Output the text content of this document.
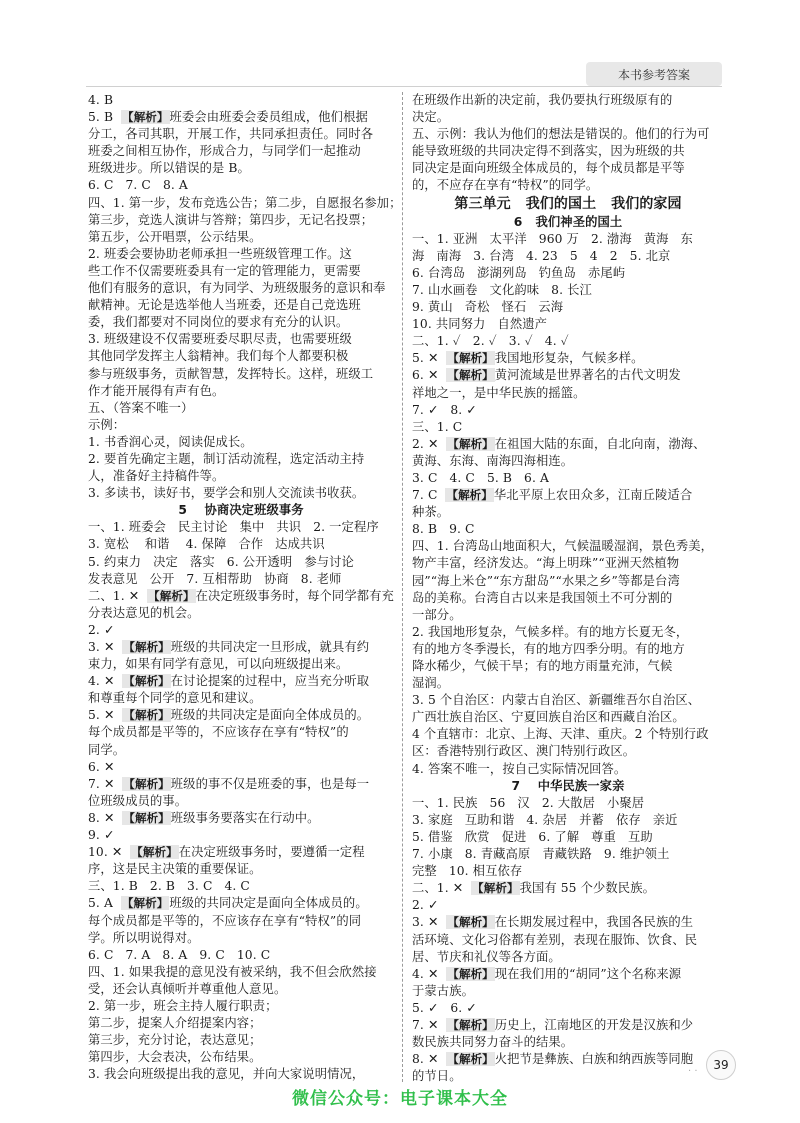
本书参考答案
4. B
5. B  【解析】班委会由班委会委员组成，他们根据
分工，各司其职，开展工作，共同承担责任。同时各
班委之间相互协作，形成合力，与同学们一起推动
班级进步。所以错误的是 B。
6. C   7. C   8. A
四、1. 第一步，发布竞选公告；第二步，自愿报名参加；
第三步，竞选人演讲与答辩；第四步，无记名投票；
第五步，公开唱票，公示结果。
2. 班委会要协助老师承担一些班级管理工作。这
些工作不仅需要班委具有一定的管理能力，更需要
他们有服务的意识，有为同学、为班级服务的意识和奉
献精神。无论是选举他人当班委，还是自己竞选班
委，我们都要对不同岗位的要求有充分的认识。
3. 班级建设不仅需要班委尽职尽责，也需要班级
其他同学发挥主人翁精神。我们每个人都要积极
参与班级事务，贡献智慧，发挥特长。这样，班级工
作才能开展得有声有色。
五、（答案不唯一）
示例：
1. 书香润心灵，阅读促成长。
2. 要首先确定主题，制订活动流程，选定活动主持
人，准备好主持稿件等。
3. 多读书，读好书，要学会和别人交流读书收获。
5    协商决定班级事务
一、1. 班委会   民主讨论   集中   共识   2. 一定程序
3. 宽松    和谐    4. 保障   合作   达成共识
5. 约束力   决定   落实   6. 公开透明   参与讨论
发表意见   公开   7. 互相帮助   协商   8. 老师
二、1. ✕  【解析】在决定班级事务时，每个同学都有充
分表达意见的机会。
2. ✓
3. ✕  【解析】班级的共同决定一旦形成，就具有约
束力，如果有同学有意见，可以向班级提出来。
4. ✕  【解析】在讨论提案的过程中，应当充分听取
和尊重每个同学的意见和建议。
5. ✕  【解析】班级的共同决定是面向全体成员的。
每个成员都是平等的，不应该存在享有“特权”的
同学。
6. ✕
7. ✕  【解析】班级的事不仅是班委的事，也是每一
位班级成员的事。
8. ✕  【解析】班级事务要落实在行动中。
9. ✓
10. ✕  【解析】在决定班级事务时，要遵循一定程
序，这是民主决策的重要保证。
三、1. B   2. B   3. C   4. C
5. A  【解析】班级的共同决定是面向全体成员的。
每个成员都是平等的，不应该存在享有“特权”的同
学。所以明说得对。
6. C   7. A   8. A   9. C   10. C
四、1. 如果我提的意见没有被采纳，我不但会欣然接
受，还会认真倾听并尊重他人意见。
2. 第一步，班会主持人履行职责；
第二步，提案人介绍提案内容；
第三步，充分讨论，表达意见；
第四步，大会表决，公布结果。
3. 我会向班级提出我的意见，并向大家说明情况，
在班级作出新的决定前，我仍要执行班级原有的
决定。
五、示例：我认为他们的想法是错误的。他们的行为可
能导致班级的共同决定得不到落实，因为班级的共
同决定是面向班级全体成员的，每个成员都是平等
的，不应存在享有“特权”的同学。
第三单元   我们的国土   我们的家园
6   我们神圣的国土
一、1. 亚洲   太平洋   960 万   2. 渤海   黄海   东
海   南海   3. 台湾   4. 23   5   4   2   5. 北京
6. 台湾岛   澎湖列岛   钓鱼岛   赤尾屿
7. 山水画卷   文化韵味   8. 长江
9. 黄山   奇松   怪石   云海
10. 共同努力   自然遗产
二、1. ✓   2. ✓   3. ✓   4. ✓
5. ✕  【解析】我国地形复杂，气候多样。
6. ✕  【解析】黄河流域是世界著名的古代文明发
祥地之一，是中华民族的摇篮。
7. ✓   8. ✓
三、1. C
2. ✕  【解析】在祖国大陆的东面，自北向南，渤海、
黄海、东海、南海四海相连。
3. C   4. C   5. B   6. A
7. C  【解析】华北平原上农田众多，江南丘陵适合
种茶。
8. B   9. C
四、1. 台湾岛山地面积大，气候温暖湿润，景色秀美，
物产丰富，经济发达。“海上明珠”“亚洲天然植物
园”“海上米仓”“东方甜岛”“水果之乡”等都是台湾
岛的美称。台湾自古以来是我国领土不可分割的
一部分。
2. 我国地形复杂，气候多样。有的地方长夏无冬，
有的地方冬季漫长，有的地方四季分明。有的地方
降水稀少，气候干旱；有的地方雨量充沛，气候
湿润。
3. 5 个自治区：内蒙古自治区、新疆维吾尔自治区、
广西壮族自治区、宁夏回族自治区和西藏自治区。
4 个直辖市：北京、上海、天津、重庆。2 个特别行政
区：香港特别行政区、澳门特别行政区。
4. 答案不唯一，按自己实际情况回答。
7    中华民族一家亲
一、1. 民族   56   汉   2. 大散居   小聚居
3. 家庭   互助和谐   4. 杂居   并蓄   依存   亲近
5. 借鉴   欣赏   促进   6. 了解   尊重   互助
7. 小康   8. 青藏高原   青藏铁路   9. 维护领土
完整   10. 相互依存
二、1. ✕  【解析】我国有 55 个少数民族。
2. ✓
3. ✕  【解析】在长期发展过程中，我国各民族的生
活环境、文化习俗都有差别，表现在服饰、饮食、民
居、节庆和礼仪等各方面。
4. ✕  【解析】现在我们用的“胡同”这个名称来源
于蒙古族。
5. ✓   6. ✓
7. ✕  【解析】历史上，江南地区的开发是汉族和少
数民族共同努力奋斗的结果。
8. ✕  【解析】火把节是彝族、白族和纳西族等同胞
的节日。	· ·	39
微信公众号：电子课本大全
